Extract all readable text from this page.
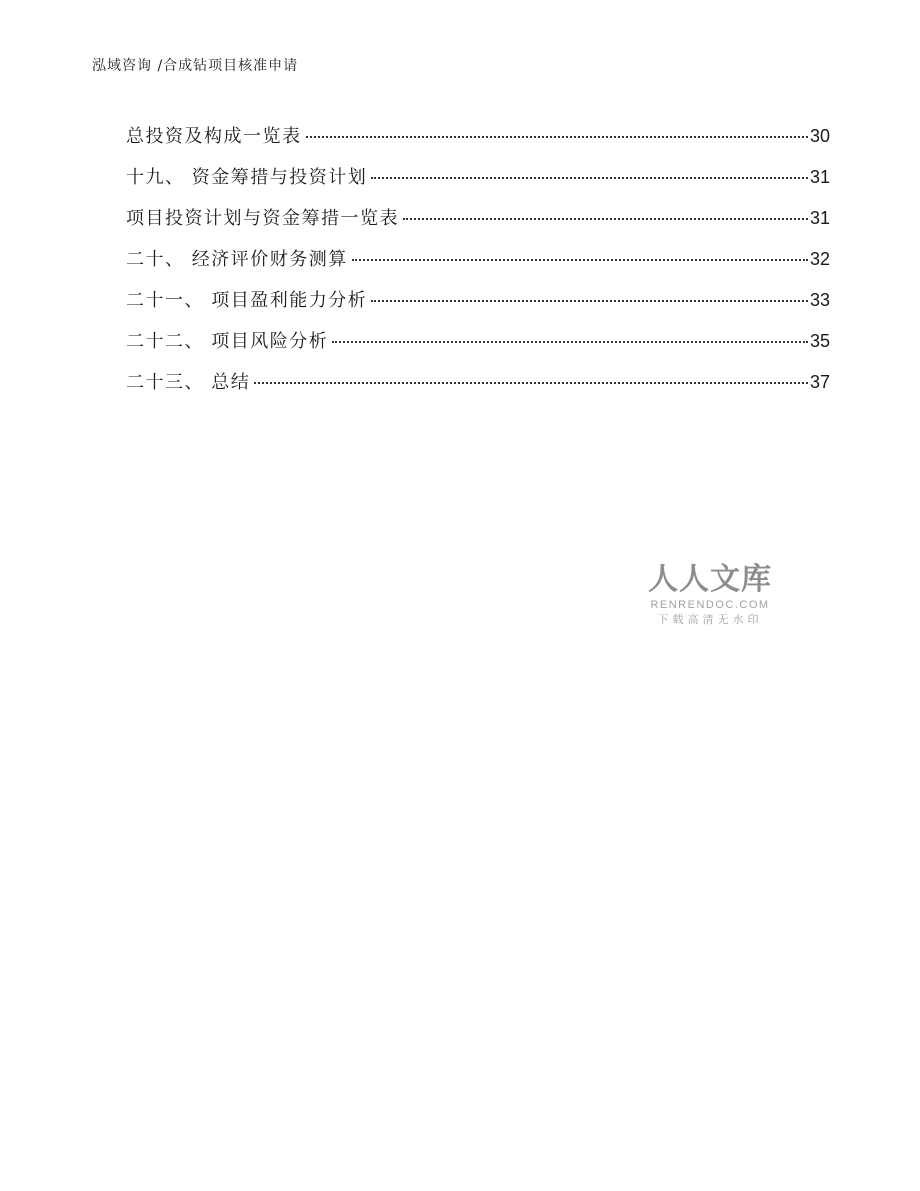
泓域咨询 /合成钻项目核准申请
总投资及构成一览表	30
十九、 资金筹措与投资计划	31
项目投资计划与资金筹措一览表	31
二十、 经济评价财务测算	32
二十一、 项目盈利能力分析	33
二十二、 项目风险分析	35
二十三、 总结	37
人人文库
RENRENDOC.COM
下载高清无水印
